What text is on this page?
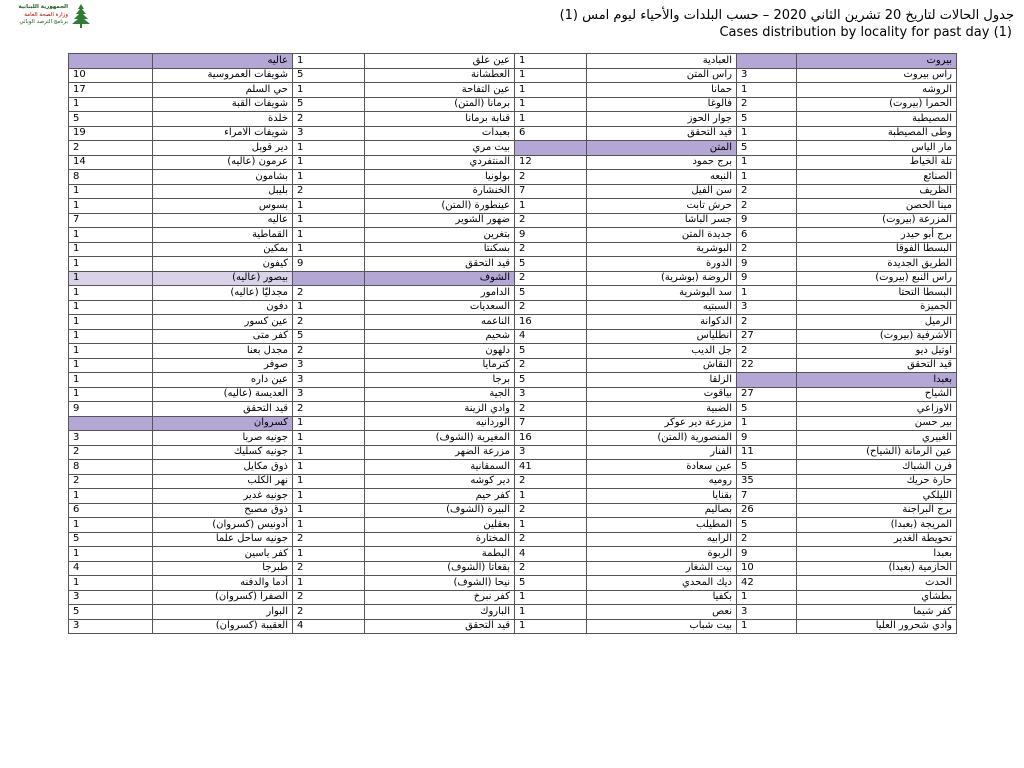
الجمهورية اللبنانية
وزارة الصحة العامة
برنامج الترصد الوبائي	جدول الحالات لتاريخ 20 تشرين الثاني 2020 – حسب البلدات والأحياء ليوم امس (1)
Cases distribution by locality for past day (1)
بيروت		العبادية	1	عين علق	1	عاليه	
راس بيروت	3	راس المتن	1	العطشانة	5	شويفات العمروسية	10
الروشه	1	حمانا	1	عين التفاحة	1	حي السلم	17
الحمرا (بيروت)	2	فالوغا	1	برمانا (المتن)	5	شويفات القبة	1
المصيطبة	5	جوار الحوز	1	قنابة برمانا	2	خلدة	5
وطى المصيطبة	1	قيد التحقق	6	بعبدات	3	شويفات الامراء	19
مار الياس	5	المتن		بيت مري	1	دير قوبل	2
تلة الخياط	1	برج حمود	12	المنتفردي	1	عرمون (عاليه)	14
الصنائع	1	النبعه	2	بولونيا	1	بشامون	8
الظريف	2	سن الفيل	7	الخنشارة	2	بليبل	1
مينا الحصن	2	حرش تابت	1	عينطورة (المتن)	1	بسوس	1
المزرعة (بيروت)	9	جسر الباشا	2	ضهور الشوير	1	عاليه	7
برج أبو حيدر	6	جديدة المتن	9	بتغرين	1	القماطية	1
البسطا الفوقا	2	البوشرية	2	بسكنتا	1	بمكين	1
الطريق الجديدة	9	الدورة	5	قيد التحقق	9	كيفون	1
راس النبع (بيروت)	9	الروضة (بوشرية)	2	الشوف		بيصور (عاليه)	1
البسطا التحتا	1	سد البوشرية	5	الدامور	2	مجدليّا (عاليه)	1
الجميزة	3	السبتيه	2	السعديات	1	دفون	1
الرميل	2	الدكوانة	16	الناعمه	2	عين كسور	1
الأشرفية (بيروت)	27	انطلياس	4	شحيم	5	كفر متى	1
اوتيل ديو	2	جل الديب	5	دلهون	2	مجدل بعنا	1
قيد التحقق	22	النقاش	2	كترمايا	3	صوفر	1
بعبدا		الزلقا	5	برجا	3	عين داره	1
الشياح	27	بياقوت	3	الجية	3	العديسة (عاليه)	1
الاوزاعي	5	الضبية	2	وادي الزينة	2	قيد التحقق	9
بير حسن	1	مزرعة دير عوكر	7	الوردانيه	1	كسروان	
الغبيري	9	المنصورية (المتن)	16	المغيرية (الشوف)	1	جونيه صربا	3
عين الرمانة (الشياح)	11	الفنار	3	مزرعة الضهر	1	جونيه كسليك	2
فرن الشباك	5	عين سعادة	41	السمقانية	1	ذوق مكايل	8
حارة حريك	35	روميه	2	دير كوشه	1	نهر الكلب	2
الليلكي	7	بقنايا	1	كفر حيم	1	جونيه غدير	1
برج البراجنة	26	بصاليم	2	البيرة (الشوف)	1	ذوق مصبح	6
المريجة (بعبدا)	5	المطيلب	1	بعقلين	1	أدونيس (كسروان)	1
تحويطة الغدير	2	الرابيه	2	المختارة	2	جونيه ساحل علما	5
بعبدا	9	الربوة	4	البطمة	1	كفر ياسين	1
الحازمية (بعبدا)	10	بيت الشغار	2	بقعاتا (الشوف)	2	طبرجا	4
الحدث	42	ديك المحدي	5	نيحا (الشوف)	1	أدما والدفنه	1
بطشاي	1	بكفيا	1	كفر نبرخ	2	الصفرا (كسروان)	3
كفر شيما	3	نعص	1	الباروك	2	البوار	5
وادي شحرور العليا	1	بيت شباب	1	قيد التحقق	4	العقيبة (كسروان)	3
